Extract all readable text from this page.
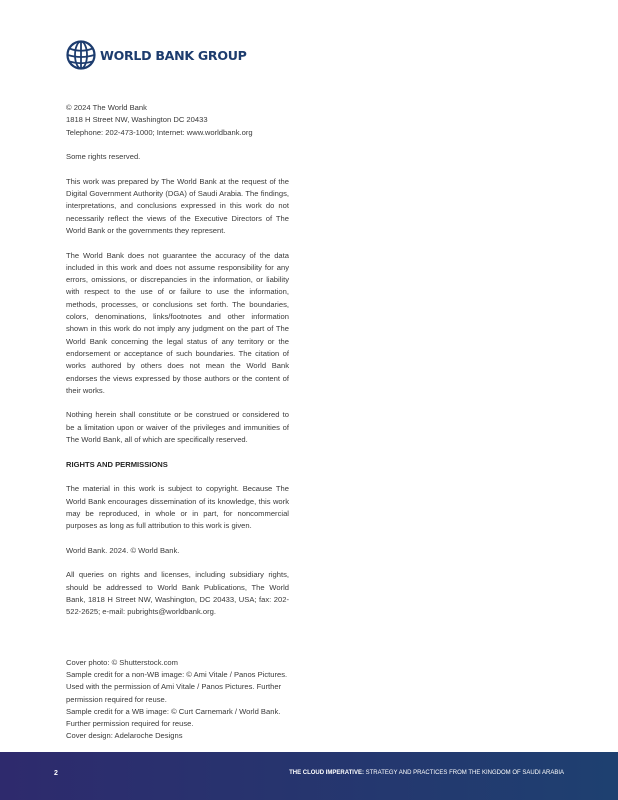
WORLD BANK GROUP

© 2024 The World Bank
1818 H Street NW, Washington DC 20433
Telephone: 202-473-1000; Internet: www.worldbank.org

Some rights reserved.

This work was prepared by The World Bank at the request of the Digital Government Authority (DGA) of Saudi Arabia. The findings, interpretations, and conclusions expressed in this work do not necessarily reflect the views of the Executive Directors of The World Bank or the governments they represent.

The World Bank does not guarantee the accuracy of the data included in this work and does not assume responsibility for any errors, omissions, or discrepancies in the information, or liability with respect to the use of or failure to use the information, methods, processes, or conclusions set forth. The boundaries, colors, denominations, links/footnotes and other information shown in this work do not imply any judgment on the part of The World Bank concerning the legal status of any territory or the endorsement or acceptance of such boundaries. The citation of works authored by others does not mean the World Bank endorses the views expressed by those authors or the content of their works.

Nothing herein shall constitute or be construed or considered to be a limitation upon or waiver of the privileges and immunities of The World Bank, all of which are specifically reserved.

RIGHTS AND PERMISSIONS

The material in this work is subject to copyright. Because The World Bank encourages dissemination of its knowledge, this work may be reproduced, in whole or in part, for noncommercial purposes as long as full attribution to this work is given.

World Bank. 2024. © World Bank.

All queries on rights and licenses, including subsidiary rights, should be addressed to World Bank Publications, The World Bank, 1818 H Street NW, Washington, DC 20433, USA; fax: 202-522-2625; e-mail: pubrights@worldbank.org.

Cover photo: © Shutterstock.com
Sample credit for a non-WB image: © Ami Vitale / Panos Pictures. Used with the permission of Ami Vitale / Panos Pictures. Further permission required for reuse.
Sample credit for a WB image: © Curt Carnemark / World Bank. Further permission required for reuse.
Cover design: Adelaroche Designs
2	THE CLOUD IMPERATIVE: STRATEGY AND PRACTICES FROM THE KINGDOM OF SAUDI ARABIA
